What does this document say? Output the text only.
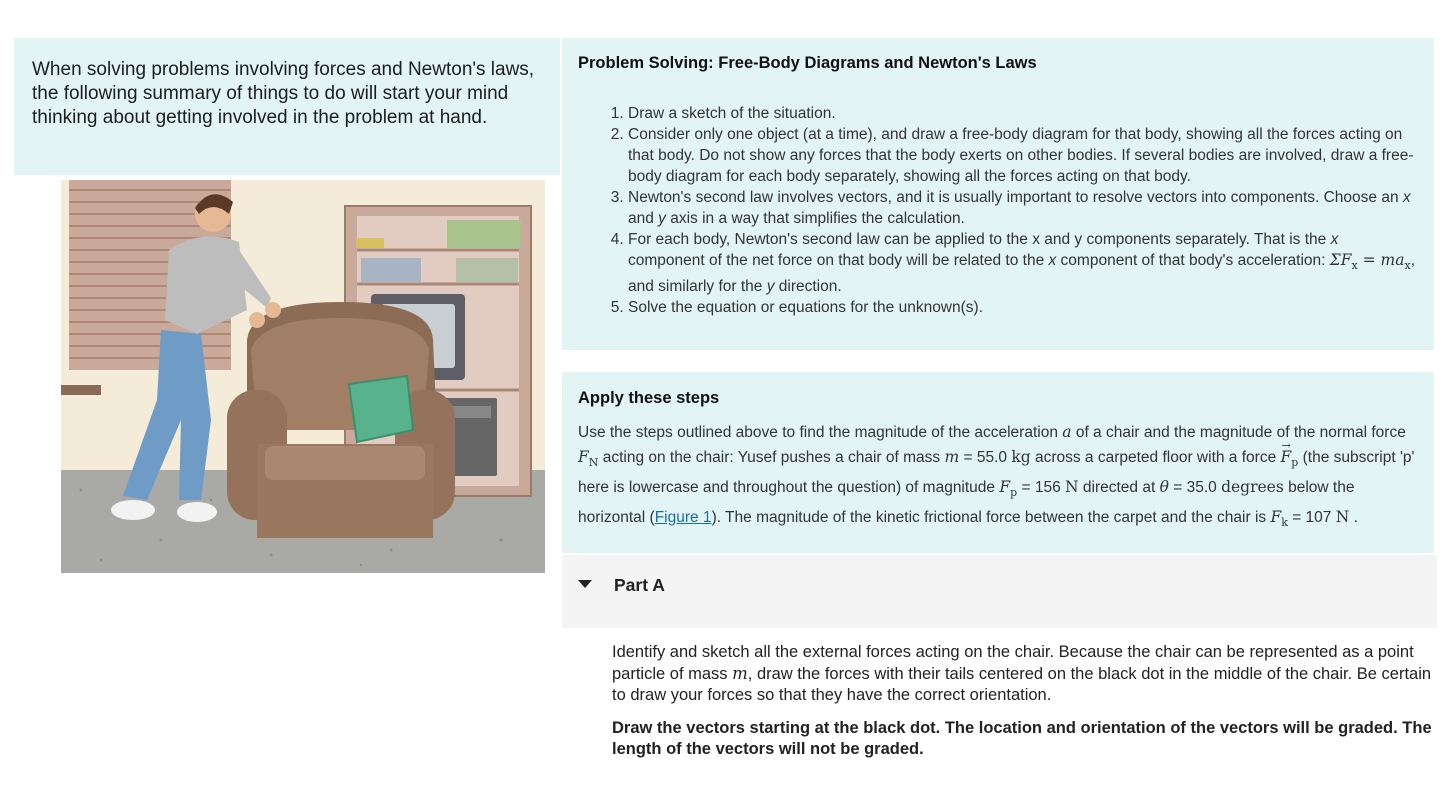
When solving problems involving forces and Newton's laws, the following summary of things to do will start your mind thinking about getting involved in the problem at hand.
Problem Solving: Free-Body Diagrams and Newton's Laws
1. Draw a sketch of the situation.
2. Consider only one object (at a time), and draw a free-body diagram for that body, showing all the forces acting on that body. Do not show any forces that the body exerts on other bodies. If several bodies are involved, draw a free-body diagram for each body separately, showing all the forces acting on that body.
3. Newton's second law involves vectors, and it is usually important to resolve vectors into components. Choose an x and y axis in a way that simplifies the calculation.
4. For each body, Newton's second law can be applied to the x and y components separately. That is the x component of the net force on that body will be related to the x component of that body's acceleration: $\Sigma F_x = ma_x$, and similarly for the y direction.
5. Solve the equation or equations for the unknown(s).
Apply these steps

Use the steps outlined above to find the magnitude of the acceleration a of a chair and the magnitude of the normal force $F_N$ acting on the chair: Yusef pushes a chair of mass m = 55.0 kg across a carpeted floor with a force → $F_p$ (the subscript 'p' here is lowercase and throughout the question) of magnitude $F_p = 156$ N directed at θ = 35.0 degrees below the horizontal (Figure 1). The magnitude of the kinetic frictional force between the carpet and the chair is $F_k = 107$ N .

Part A

Identify and sketch all the external forces acting on the chair. Because the chair can be represented as a point particle of mass m, draw the forces with their tails centered on the black dot in the middle of the chair. Be certain to draw your forces so that they have the correct orientation.

Draw the vectors starting at the black dot. The location and orientation of the vectors will be graded. The length of the vectors will not be graded.
